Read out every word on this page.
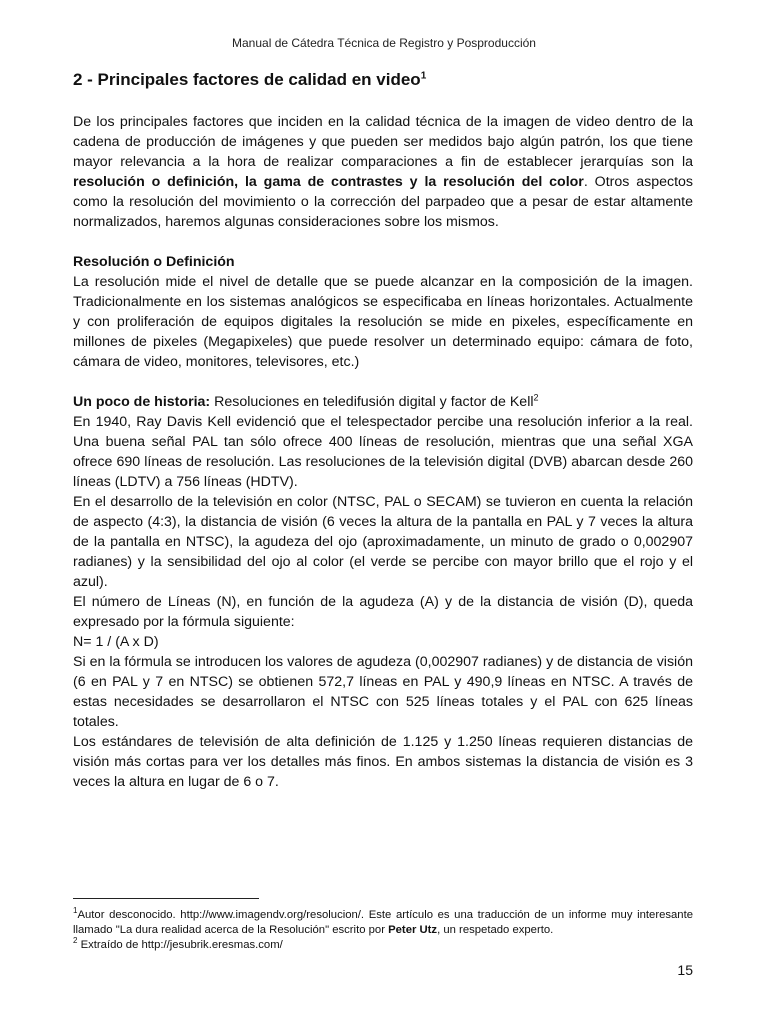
Manual de Cátedra Técnica de Registro y Posproducción
2 - Principales factores de calidad en video$^1$

De los principales factores que inciden en la calidad técnica de la imagen de video dentro de la cadena de producción de imágenes y que pueden ser medidos bajo algún patrón, los que tiene mayor relevancia a la hora de realizar comparaciones a fin de establecer jerarquías son la resolución o definición, la gama de contrastes y la resolución del color. Otros aspectos como la resolución del movimiento o la corrección del parpadeo que a pesar de estar altamente normalizados, haremos algunas consideraciones sobre los mismos.

Resolución o Definición

La resolución mide el nivel de detalle que se puede alcanzar en la composición de la imagen. Tradicionalmente en los sistemas analógicos se especificaba en líneas horizontales. Actualmente y con proliferación de equipos digitales la resolución se mide en pixeles, específicamente en millones de pixeles (Megapixeles) que puede resolver un determinado equipo: cámara de foto, cámara de video, monitores, televisores, etc.)

Un poco de historia: Resoluciones en teledifusión digital y factor de Kell$^2$

En 1940, Ray Davis Kell evidenció que el telespectador percibe una resolución inferior a la real. Una buena señal PAL tan sólo ofrece 400 líneas de resolución, mientras que una señal XGA ofrece 690 líneas de resolución. Las resoluciones de la televisión digital (DVB) abarcan desde 260 líneas (LDTV) a 756 líneas (HDTV).

En el desarrollo de la televisión en color (NTSC, PAL o SECAM) se tuvieron en cuenta la relación de aspecto (4:3), la distancia de visión (6 veces la altura de la pantalla en PAL y 7 veces la altura de la pantalla en NTSC), la agudeza del ojo (aproximadamente, un minuto de grado o 0,002907 radianes) y la sensibilidad del ojo al color (el verde se percibe con mayor brillo que el rojo y el azul).

El número de Líneas (N), en función de la agudeza (A) y de la distancia de visión (D), queda expresado por la fórmula siguiente:

N= 1 / (A x D)

Si en la fórmula se introducen los valores de agudeza (0,002907 radianes) y de distancia de visión (6 en PAL y 7 en NTSC) se obtienen 572,7 líneas en PAL y 490,9 líneas en NTSC. A través de estas necesidades se desarrollaron el NTSC con 525 líneas totales y el PAL con 625 líneas totales.

Los estándares de televisión de alta definición de 1.125 y 1.250 líneas requieren distancias de visión más cortas para ver los detalles más finos. En ambos sistemas la distancia de visión es 3 veces la altura en lugar de 6 o 7.

$^1$Autor desconocido. http://www.imagendv.org/resolucion/. Este artículo es una traducción de un informe muy interesante llamado "La dura realidad acerca de la Resolución" escrito por Peter Utz, un respetado experto.

$^2$ Extraído de http://jesubrik.eresmas.com/

15
